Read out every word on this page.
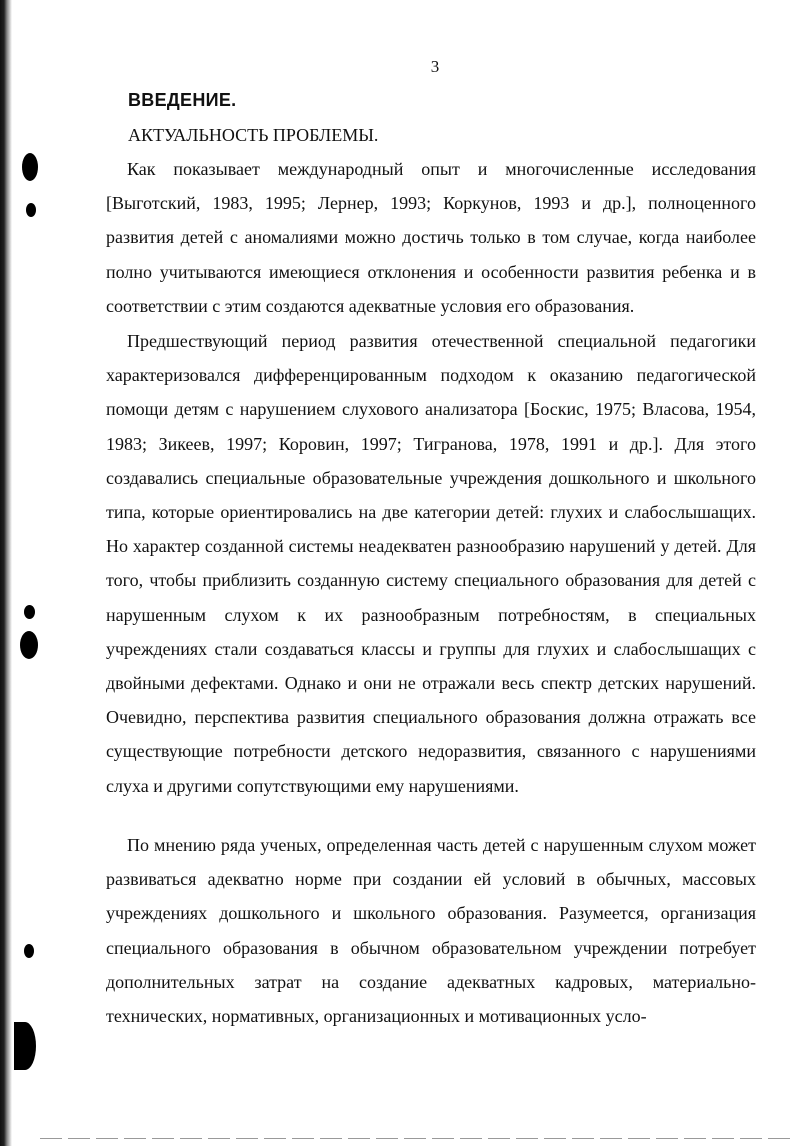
3
ВВЕДЕНИЕ.
АКТУАЛЬНОСТЬ ПРОБЛЕМЫ.

Как показывает международный опыт и многочисленные исследования [Выготский, 1983, 1995; Лернер, 1993; Коркунов, 1993 и др.], полноценного развития детей с аномалиями можно достичь только в том случае, когда наиболее полно учитываются имеющиеся отклонения и особенности развития ребенка и в соответствии с этим создаются адекватные условия его образования.

Предшествующий период развития отечественной специальной педагогики характеризовался дифференцированным подходом к оказанию педагогической помощи детям с нарушением слухового анализатора [Боскис, 1975; Власова, 1954, 1983; Зикеев, 1997; Коровин, 1997; Тигранова, 1978, 1991 и др.]. Для этого создавались специальные образовательные учреждения дошкольного и школьного типа, которые ориентировались на две категории детей: глухих и слабослышащих. Но характер созданной системы неадекватен разнообразию нарушений у детей. Для того, чтобы приблизить созданную систему специального образования для детей с нарушенным слухом к их разнообразным потребностям, в специальных учреждениях стали создаваться классы и группы для глухих и слабослышащих с двойными дефектами. Однако и они не отражали весь спектр детских нарушений. Очевидно, перспектива развития специального образования должна отражать все существующие потребности детского недоразвития, связанного с нарушениями слуха и другими сопутствующими ему нарушениями.

По мнению ряда ученых, определенная часть детей с нарушенным слухом может развиваться адекватно норме при создании ей условий в обычных, массовых учреждениях дошкольного и школьного образования. Разумеется, организация специального образования в обычном образовательном учреждении потребует дополнительных затрат на создание адекватных кадровых, материально-технических, нормативных, организационных и мотивационных усло-
